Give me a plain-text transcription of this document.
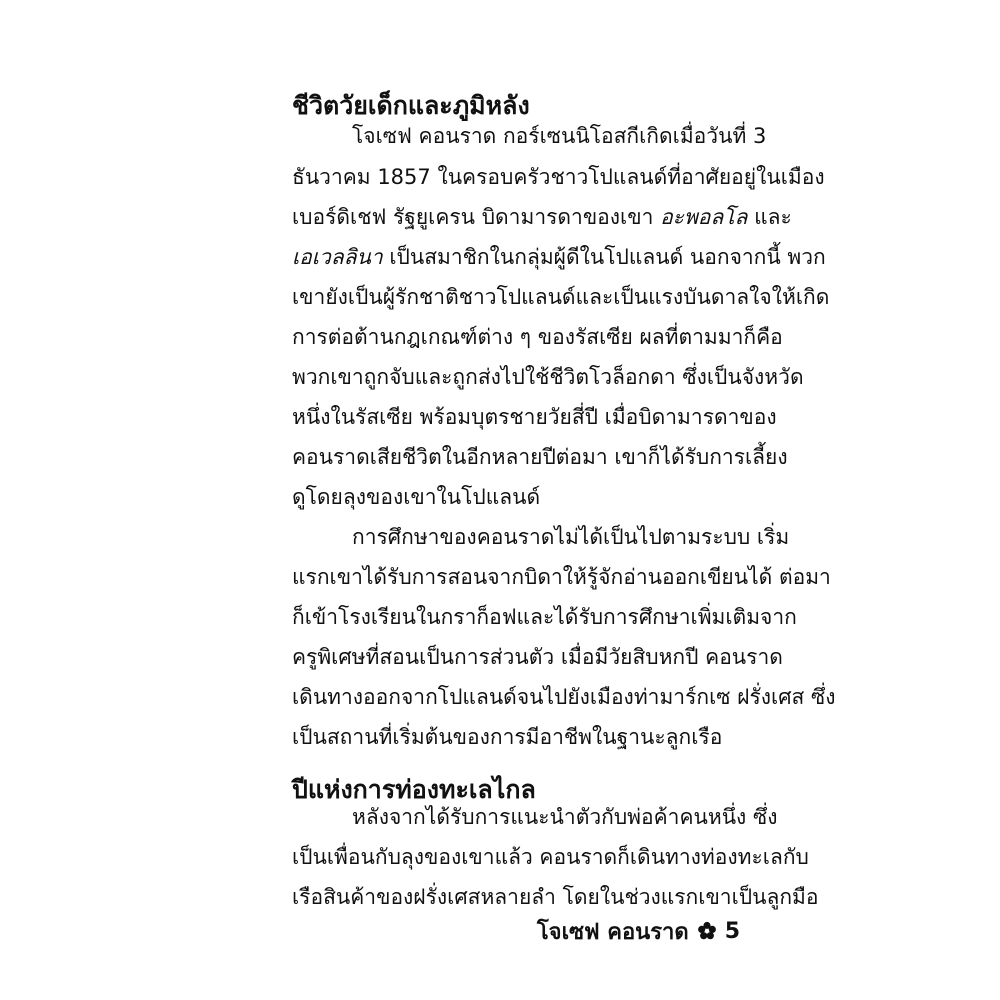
ชีวิตวัยเด็กและภูมิหลัง
โจเซฟ คอนราด กอร์เซนนิโอสกีเกิดเมื่อวันที่ 3
ธันวาคม 1857 ในครอบครัวชาวโปแลนด์ที่อาศัยอยู่ในเมือง
เบอร์ดิเชฟ รัฐยูเครน บิดามารดาของเขา อะพอลโล และ
เอเวลลินา เป็นสมาชิกในกลุ่มผู้ดีในโปแลนด์ นอกจากนี้ พวก
เขายังเป็นผู้รักชาติชาวโปแลนด์และเป็นแรงบันดาลใจให้เกิด
การต่อต้านกฎเกณฑ์ต่าง ๆ ของรัสเซีย ผลที่ตามมาก็คือ
พวกเขาถูกจับและถูกส่งไปใช้ชีวิตโวล็อกดา ซึ่งเป็นจังหวัด
หนึ่งในรัสเซีย พร้อมบุตรชายวัยสี่ปี เมื่อบิดามารดาของ
คอนราดเสียชีวิตในอีกหลายปีต่อมา เขาก็ได้รับการเลี้ยง
ดูโดยลุงของเขาในโปแลนด์
การศึกษาของคอนราดไม่ได้เป็นไปตามระบบ เริ่ม
แรกเขาได้รับการสอนจากบิดาให้รู้จักอ่านออกเขียนได้ ต่อมา
ก็เข้าโรงเรียนในกราก็อฟและได้รับการศึกษาเพิ่มเติมจาก
ครูพิเศษที่สอนเป็นการส่วนตัว เมื่อมีวัยสิบหกปี คอนราด
เดินทางออกจากโปแลนด์จนไปยังเมืองท่ามาร์กเซ ฝรั่งเศส ซึ่ง
เป็นสถานที่เริ่มต้นของการมีอาชีพในฐานะลูกเรือ
ปีแห่งการท่องทะเลไกล
หลังจากได้รับการแนะนำตัวกับพ่อค้าคนหนึ่ง ซึ่ง
เป็นเพื่อนกับลุงของเขาแล้ว คอนราดก็เดินทางท่องทะเลกับ
เรือสินค้าของฝรั่งเศสหลายลำ โดยในช่วงแรกเขาเป็นลูกมือ
โจเซฟ คอนราด 5
